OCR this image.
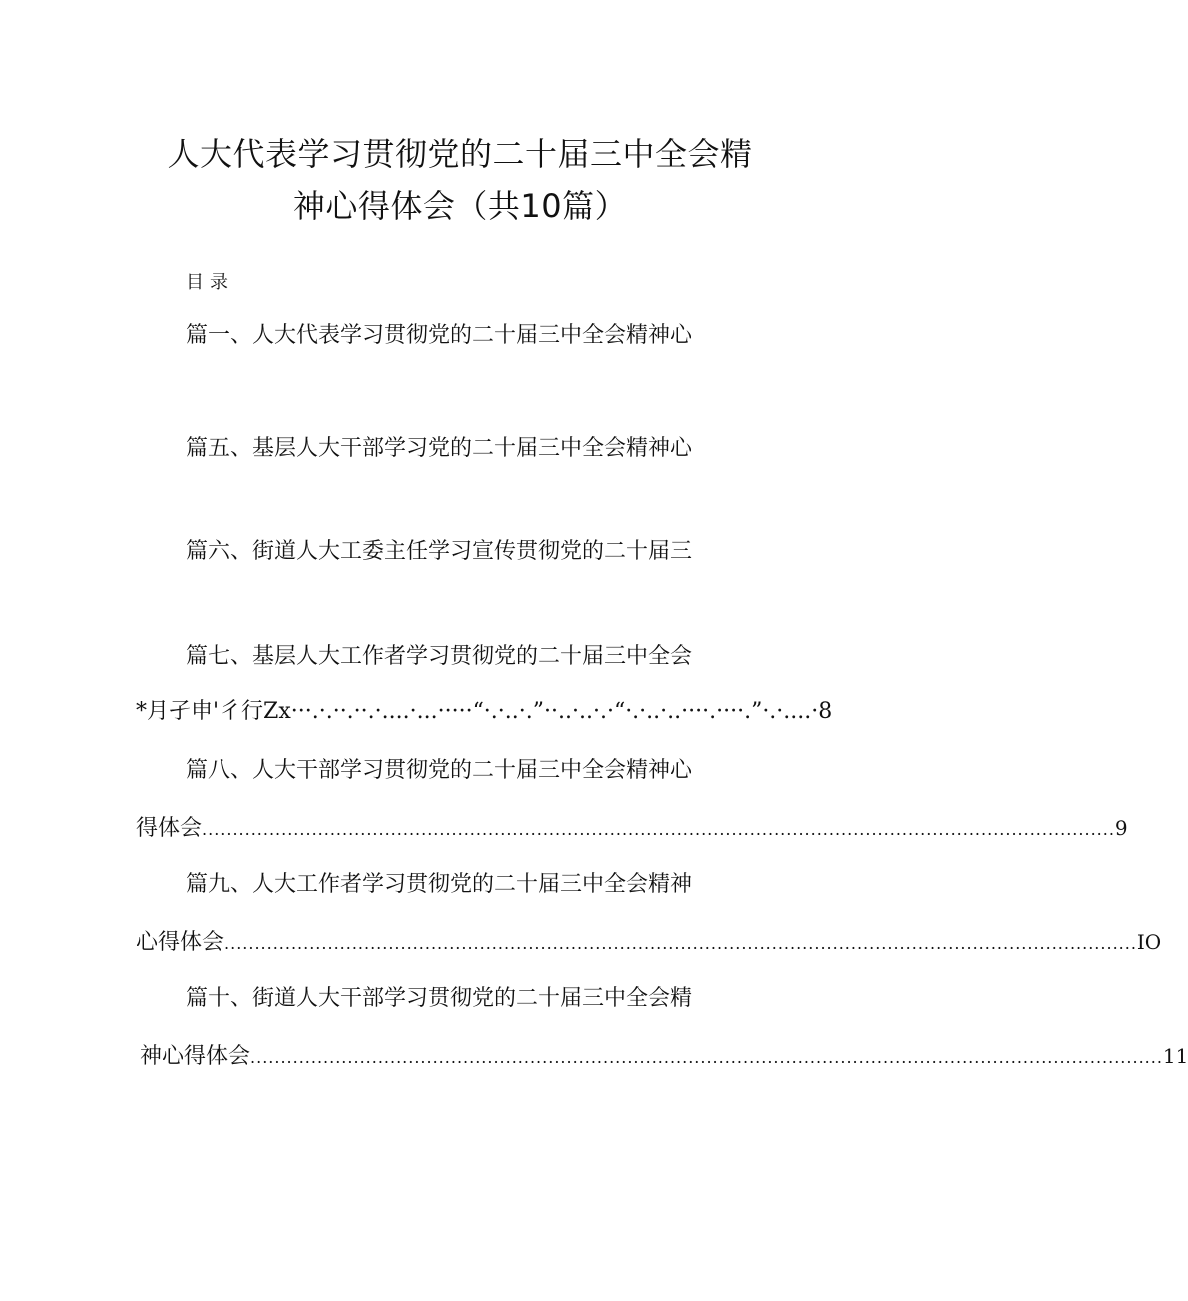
人大代表学习贯彻党的二十届三中全会精
神心得体会（共10篇）
目录
篇一、人大代表学习贯彻党的二十届三中全会精神心
篇五、基层人大干部学习党的二十届三中全会精神心
篇六、街道人大工委主任学习宣传贯彻党的二十届三
篇七、基层人大工作者学习贯彻党的二十届三中全会
*月孑申'彳行Zx···.·.··.··.·....·...·····“·.·..·.”··..·..·.·“·.·..·..····.····.”·.·....·8
篇八、人大干部学习贯彻党的二十届三中全会精神心
得体会 ...................................................................................................................................................... 9
篇九、人大工作者学习贯彻党的二十届三中全会精神
心得体会 ...................................................................................................................................................... IO
篇十、街道人大干部学习贯彻党的二十届三中全会精
神心得体会 ...................................................................................................................................................... 11
